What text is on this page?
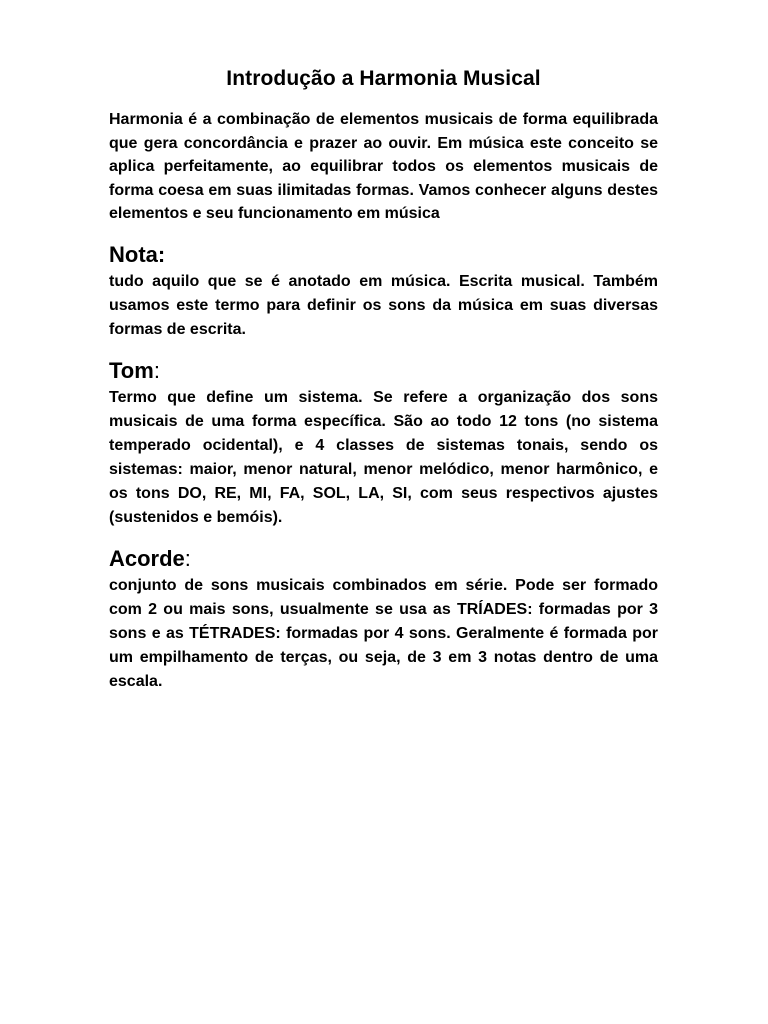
Introdução a Harmonia Musical

Harmonia é a combinação de elementos musicais de forma equilibrada que gera concordância e prazer ao ouvir. Em música este conceito se aplica perfeitamente, ao equilibrar todos os elementos musicais de forma coesa em suas ilimitadas formas. Vamos conhecer alguns destes elementos e seu funcionamento em música

Nota:

tudo aquilo que se é anotado em música. Escrita musical. Também usamos este termo para definir os sons da música em suas diversas formas de escrita.

Tom:

Termo que define um sistema. Se refere a organização dos sons musicais de uma forma específica. São ao todo 12 tons (no sistema temperado ocidental), e 4 classes de sistemas tonais, sendo os sistemas: maior, menor natural, menor melódico, menor harmônico, e os tons DO, RE, MI, FA, SOL, LA, SI, com seus respectivos ajustes (sustenidos e bemóis).

Acorde:

conjunto de sons musicais combinados em série. Pode ser formado com 2 ou mais sons, usualmente se usa as TRÍADES: formadas por 3 sons e as TÉTRADES: formadas por 4 sons. Geralmente é formada por um empilhamento de terças, ou seja, de 3 em 3 notas dentro de uma escala.
